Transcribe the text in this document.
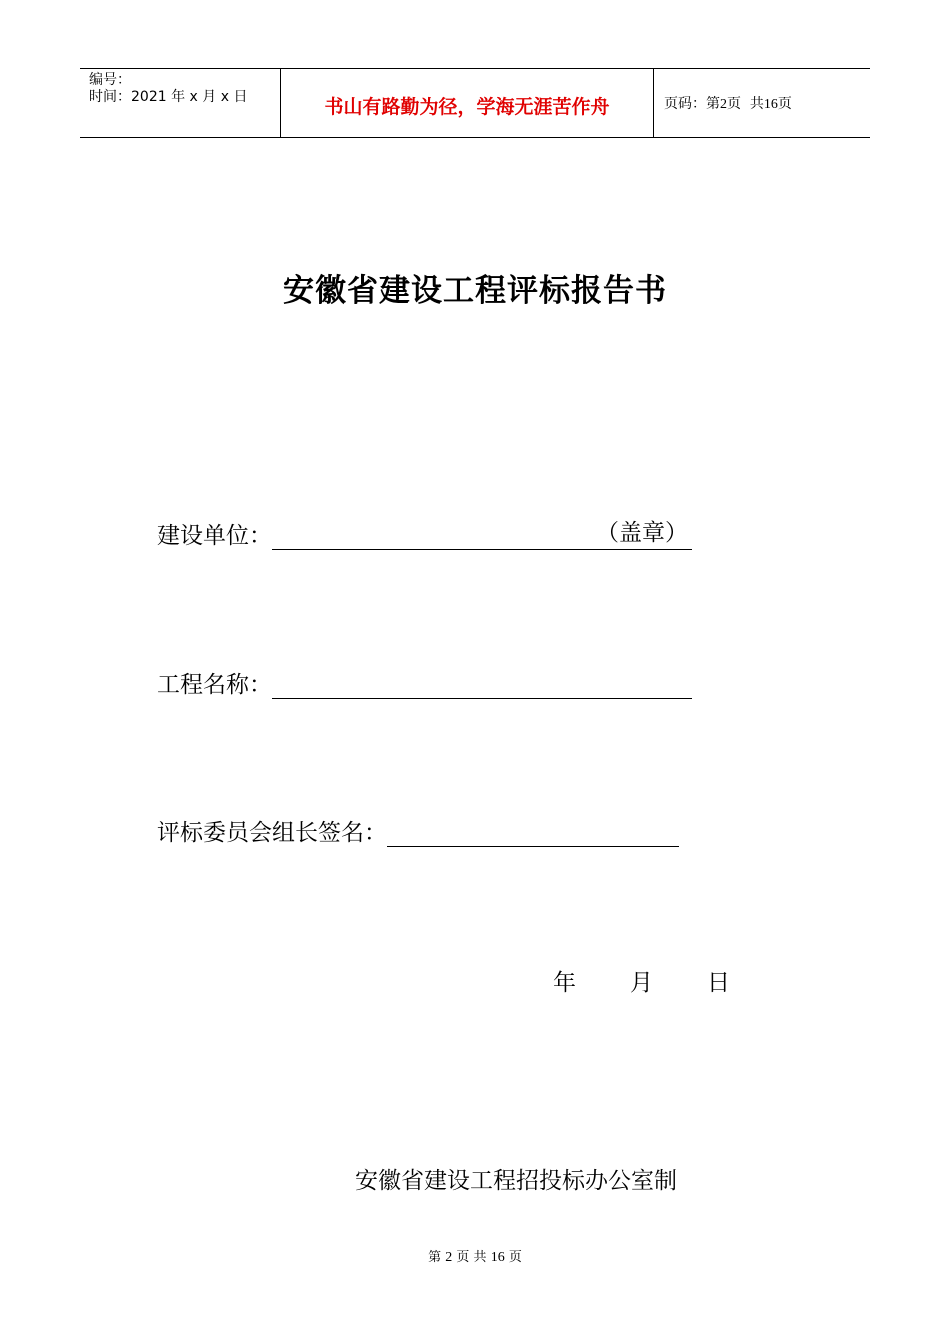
编号：
时间：2021 年 x 月 x 日	书山有路勤为径，学海无涯苦作舟	页码：第2页  共16页
安徽省建设工程评标报告书
建设单位：	（盖章）
工程名称：
评标委员会组长签名：
年 月 日
安徽省建设工程招投标办公室制
第 2 页 共 16 页
